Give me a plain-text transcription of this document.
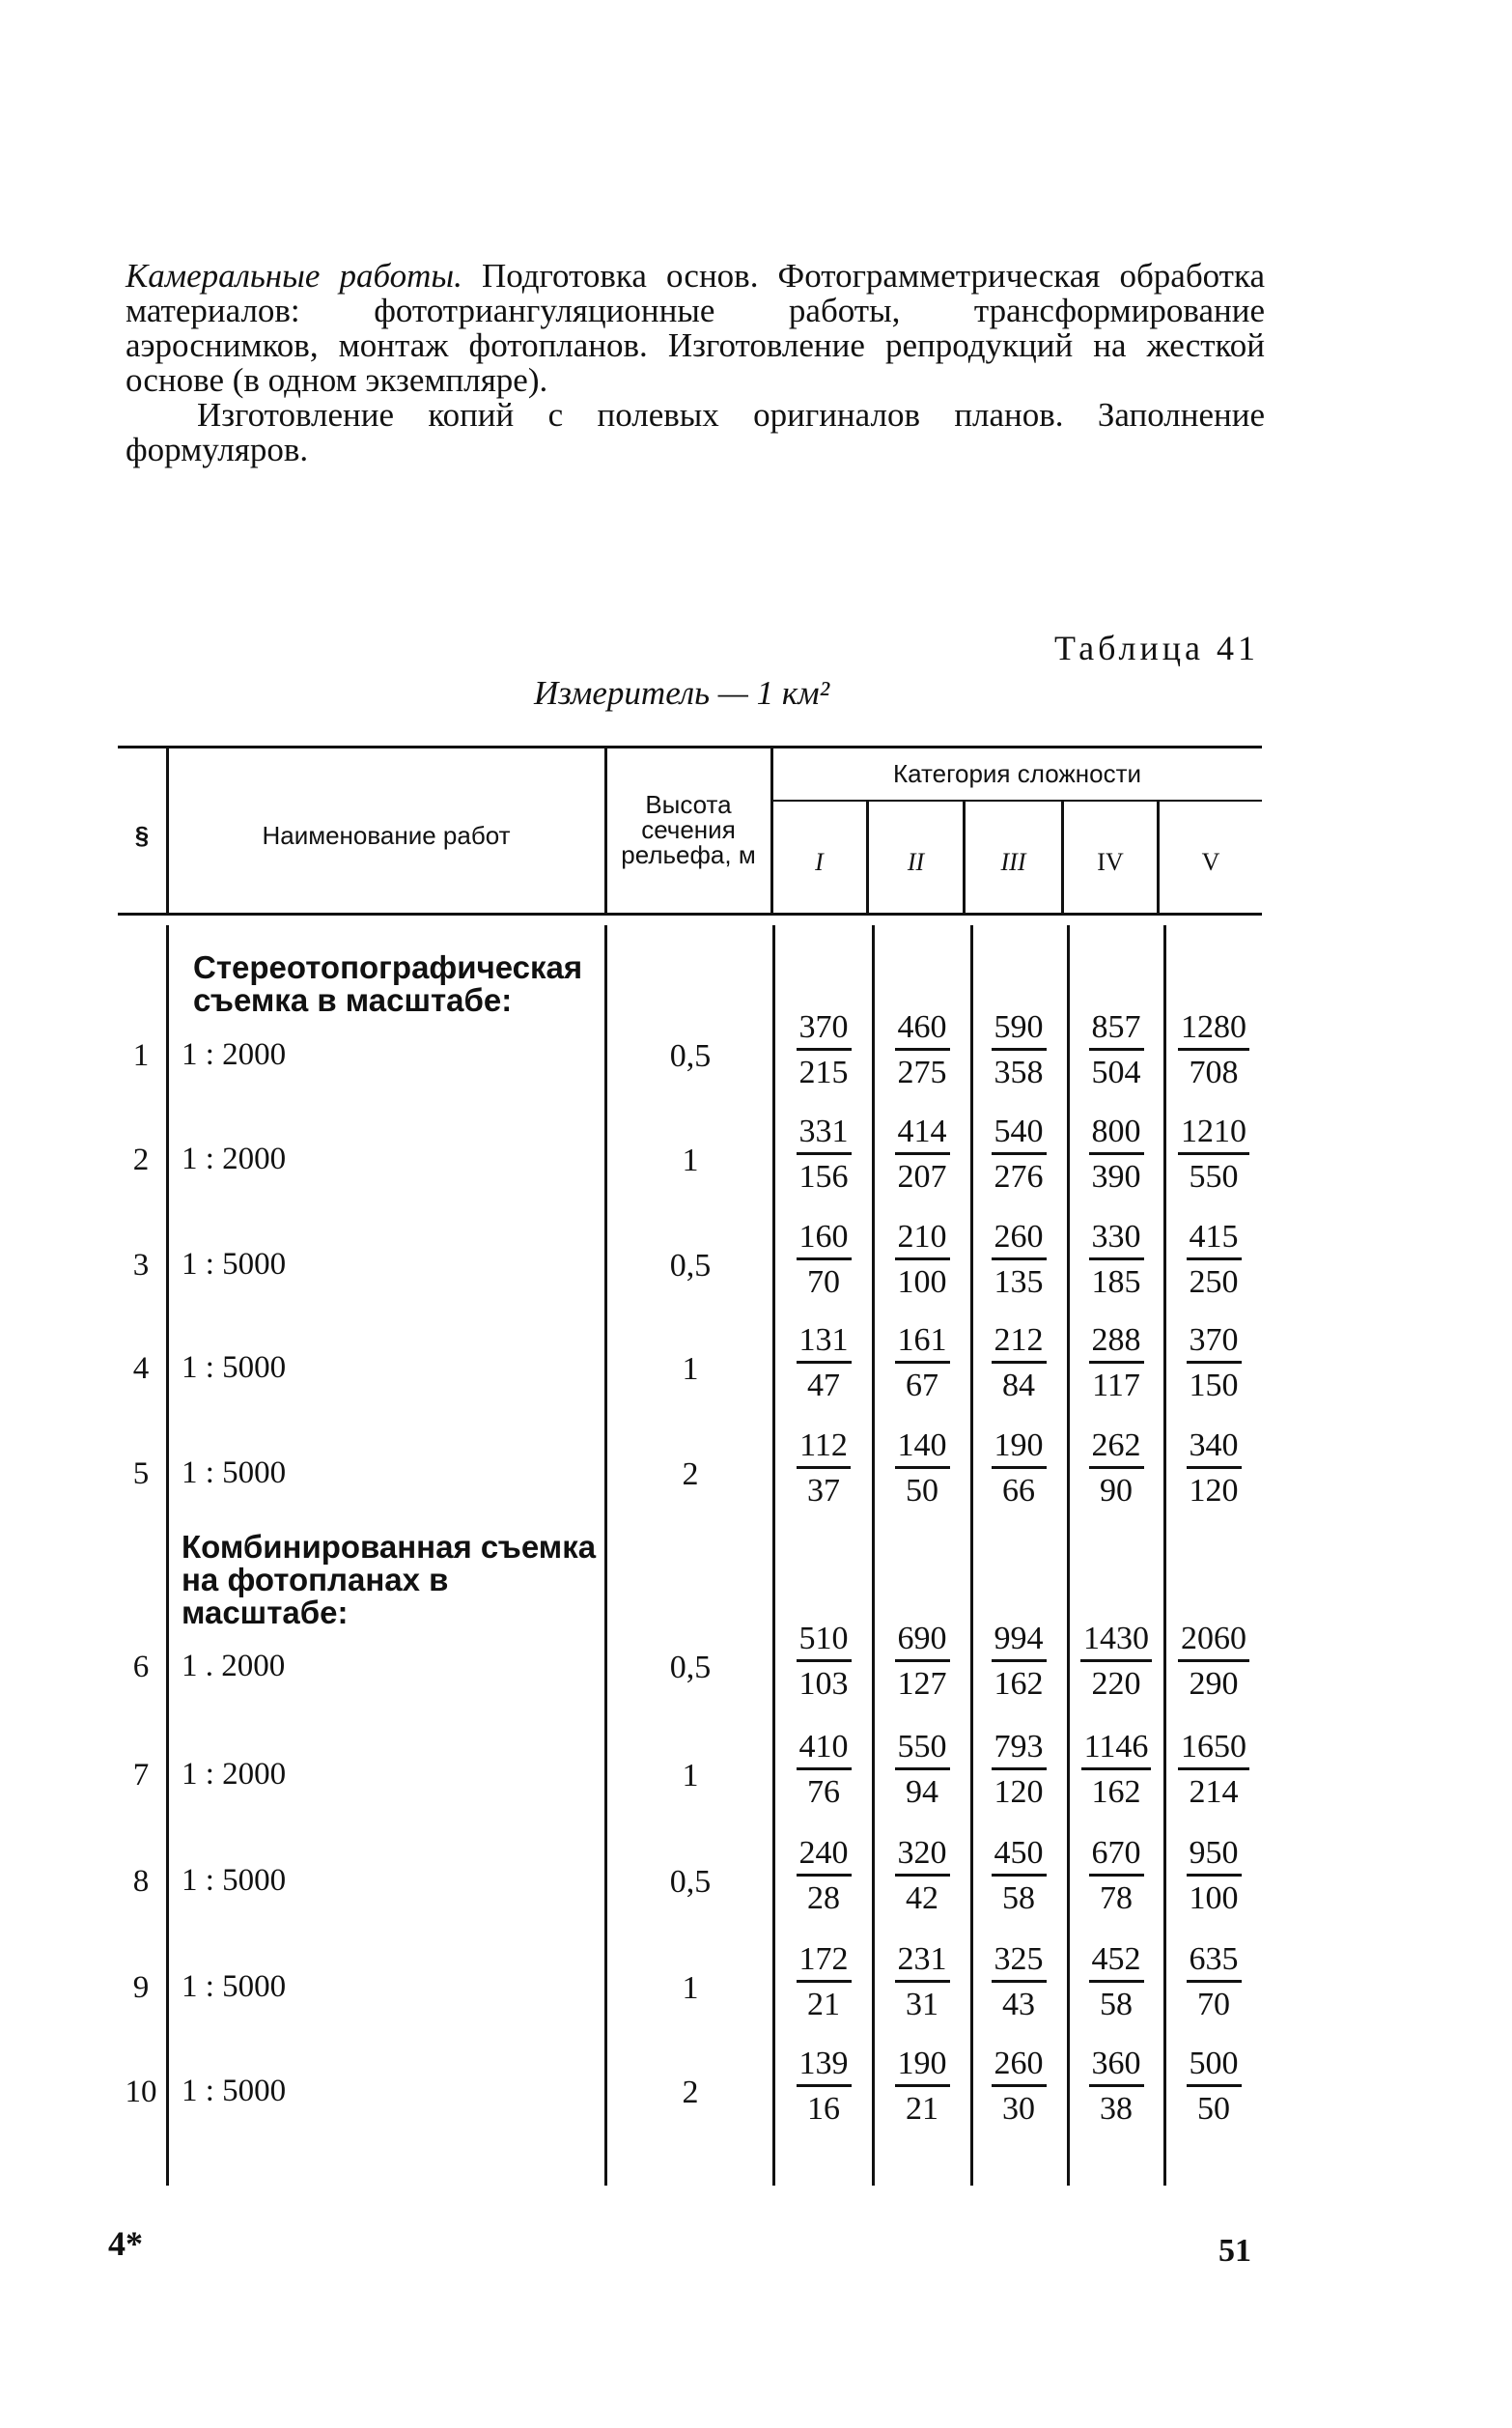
Камеральные работы. Подготовка основ. Фотограмметрическая обработка материалов: фототриангуляционные работы, трансформирование аэроснимков, монтаж фотопланов. Изготовление репродукций на жесткой основе (в одном экземпляре).

Изготовление копий с полевых оригиналов планов. Заполнение формуляров.

Таблица 41
Измеритель — 1 км²
§	Наименование работ
Высота сечения рельефа, м
Категория сложности
I	II	III	IV	V
Стереотопографическая съемка в масштабе:
Комбинированная съемка на фотопланах в масштабе:
1	1 : 2000	0,5	$\frac{370}{215} \frac{460}{275} \frac{590}{358} \frac{857}{504} \frac{1280}{708}$
2	1 : 2000	1	$\frac{331}{156} \frac{414}{207} \frac{540}{276} \frac{800}{390} \frac{1210}{550}$
3	1 : 5000	0,5	$\frac{160}{70} \frac{210}{100} \frac{260}{135} \frac{330}{185} \frac{415}{250}$
4	1 : 5000	1	$\frac{131}{47} \frac{161}{67} \frac{212}{84} \frac{288}{117} \frac{370}{150}$
5	1 : 5000	2	$\frac{112}{37} \frac{140}{50} \frac{190}{66} \frac{262}{90} \frac{340}{120}$
6	1 . 2000	0,5	$\frac{510}{103} \frac{690}{127} \frac{994}{162} \frac{1430}{220} \frac{2060}{290}$
7	1 : 2000	1	$\frac{410}{76} \frac{550}{94} \frac{793}{120} \frac{1146}{162} \frac{1650}{214}$
8	1 : 5000	0,5	$\frac{240}{28} \frac{320}{42} \frac{450}{58} \frac{670}{78} \frac{950}{100}$
9	1 : 5000	1	$\frac{172}{21} \frac{231}{31} \frac{325}{43} \frac{452}{58} \frac{635}{70}$
10 1 : 5000	2	$\frac{139}{16} \frac{190}{21} \frac{260}{30} \frac{360}{38} \frac{500}{50}$
4*	51
